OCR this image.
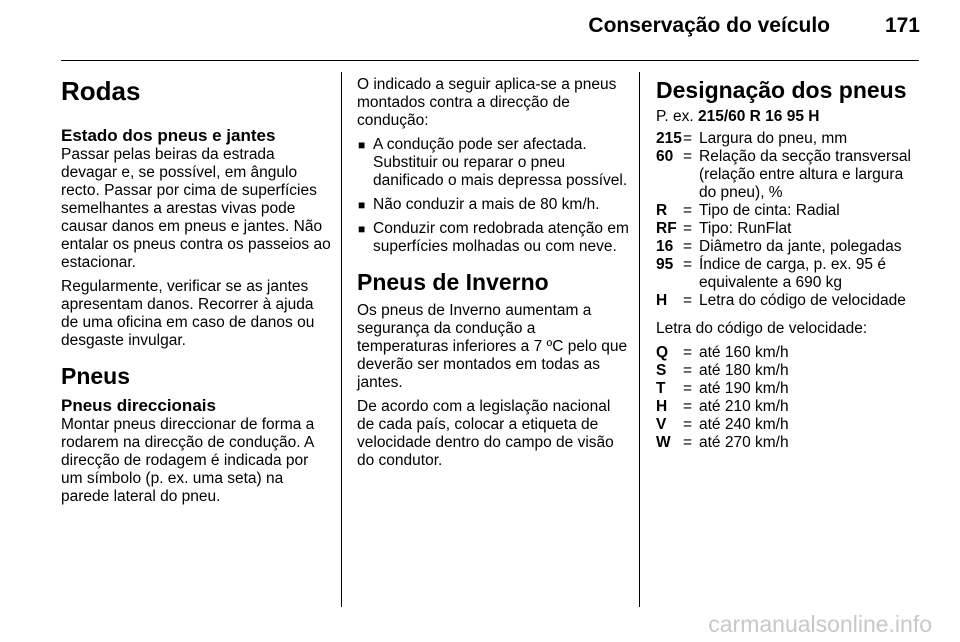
Conservação do veículo	171
Rodas
Estado dos pneus e jantes

Passar pelas beiras da estrada devagar e, se possível, em ângulo recto. Passar por cima de superfícies semelhantes a arestas vivas pode causar danos em pneus e jantes. Não entalar os pneus contra os passeios ao estacionar.

Regularmente, verificar se as jantes apresentam danos. Recorrer à ajuda de uma oficina em caso de danos ou desgaste invulgar.

Pneus
Pneus direccionais

Montar pneus direccionar de forma a rodarem na direcção de condução. A direcção de rodagem é indicada por um símbolo (p. ex. uma seta) na parede lateral do pneu.

O indicado a seguir aplica-se a pneus montados contra a direcção de condução:

■ A condução pode ser afectada. Substituir ou reparar o pneu danificado o mais depressa possível.
■ Não conduzir a mais de 80 km/h.
■ Conduzir com redobrada atenção em superfícies molhadas ou com neve.
Pneus de Inverno

Os pneus de Inverno aumentam a segurança da condução a temperaturas inferiores a 7 ºC pelo que deverão ser montados em todas as jantes.

De acordo com a legislação nacional de cada país, colocar a etiqueta de velocidade dentro do campo de visão do condutor.

Designação dos pneus

P. ex. 215/60 R 16 95 H

215 = Largura do pneu, mm
60 = Relação da secção transversal (relação entre altura e largura do pneu), %
R	= Tipo de cinta: Radial
RF = Tipo: RunFlat
16 = Diâmetro da jante, polegadas
95 = Índice de carga, p. ex. 95 é equivalente a 690 kg
H	= Letra do código de velocidade

Letra do código de velocidade:

Q = até 160 km/h
S	= até 180 km/h
T	= até 190 km/h
H	= até 210 km/h
V	= até 240 km/h
W = até 270 km/h
carmanualsonline.info
